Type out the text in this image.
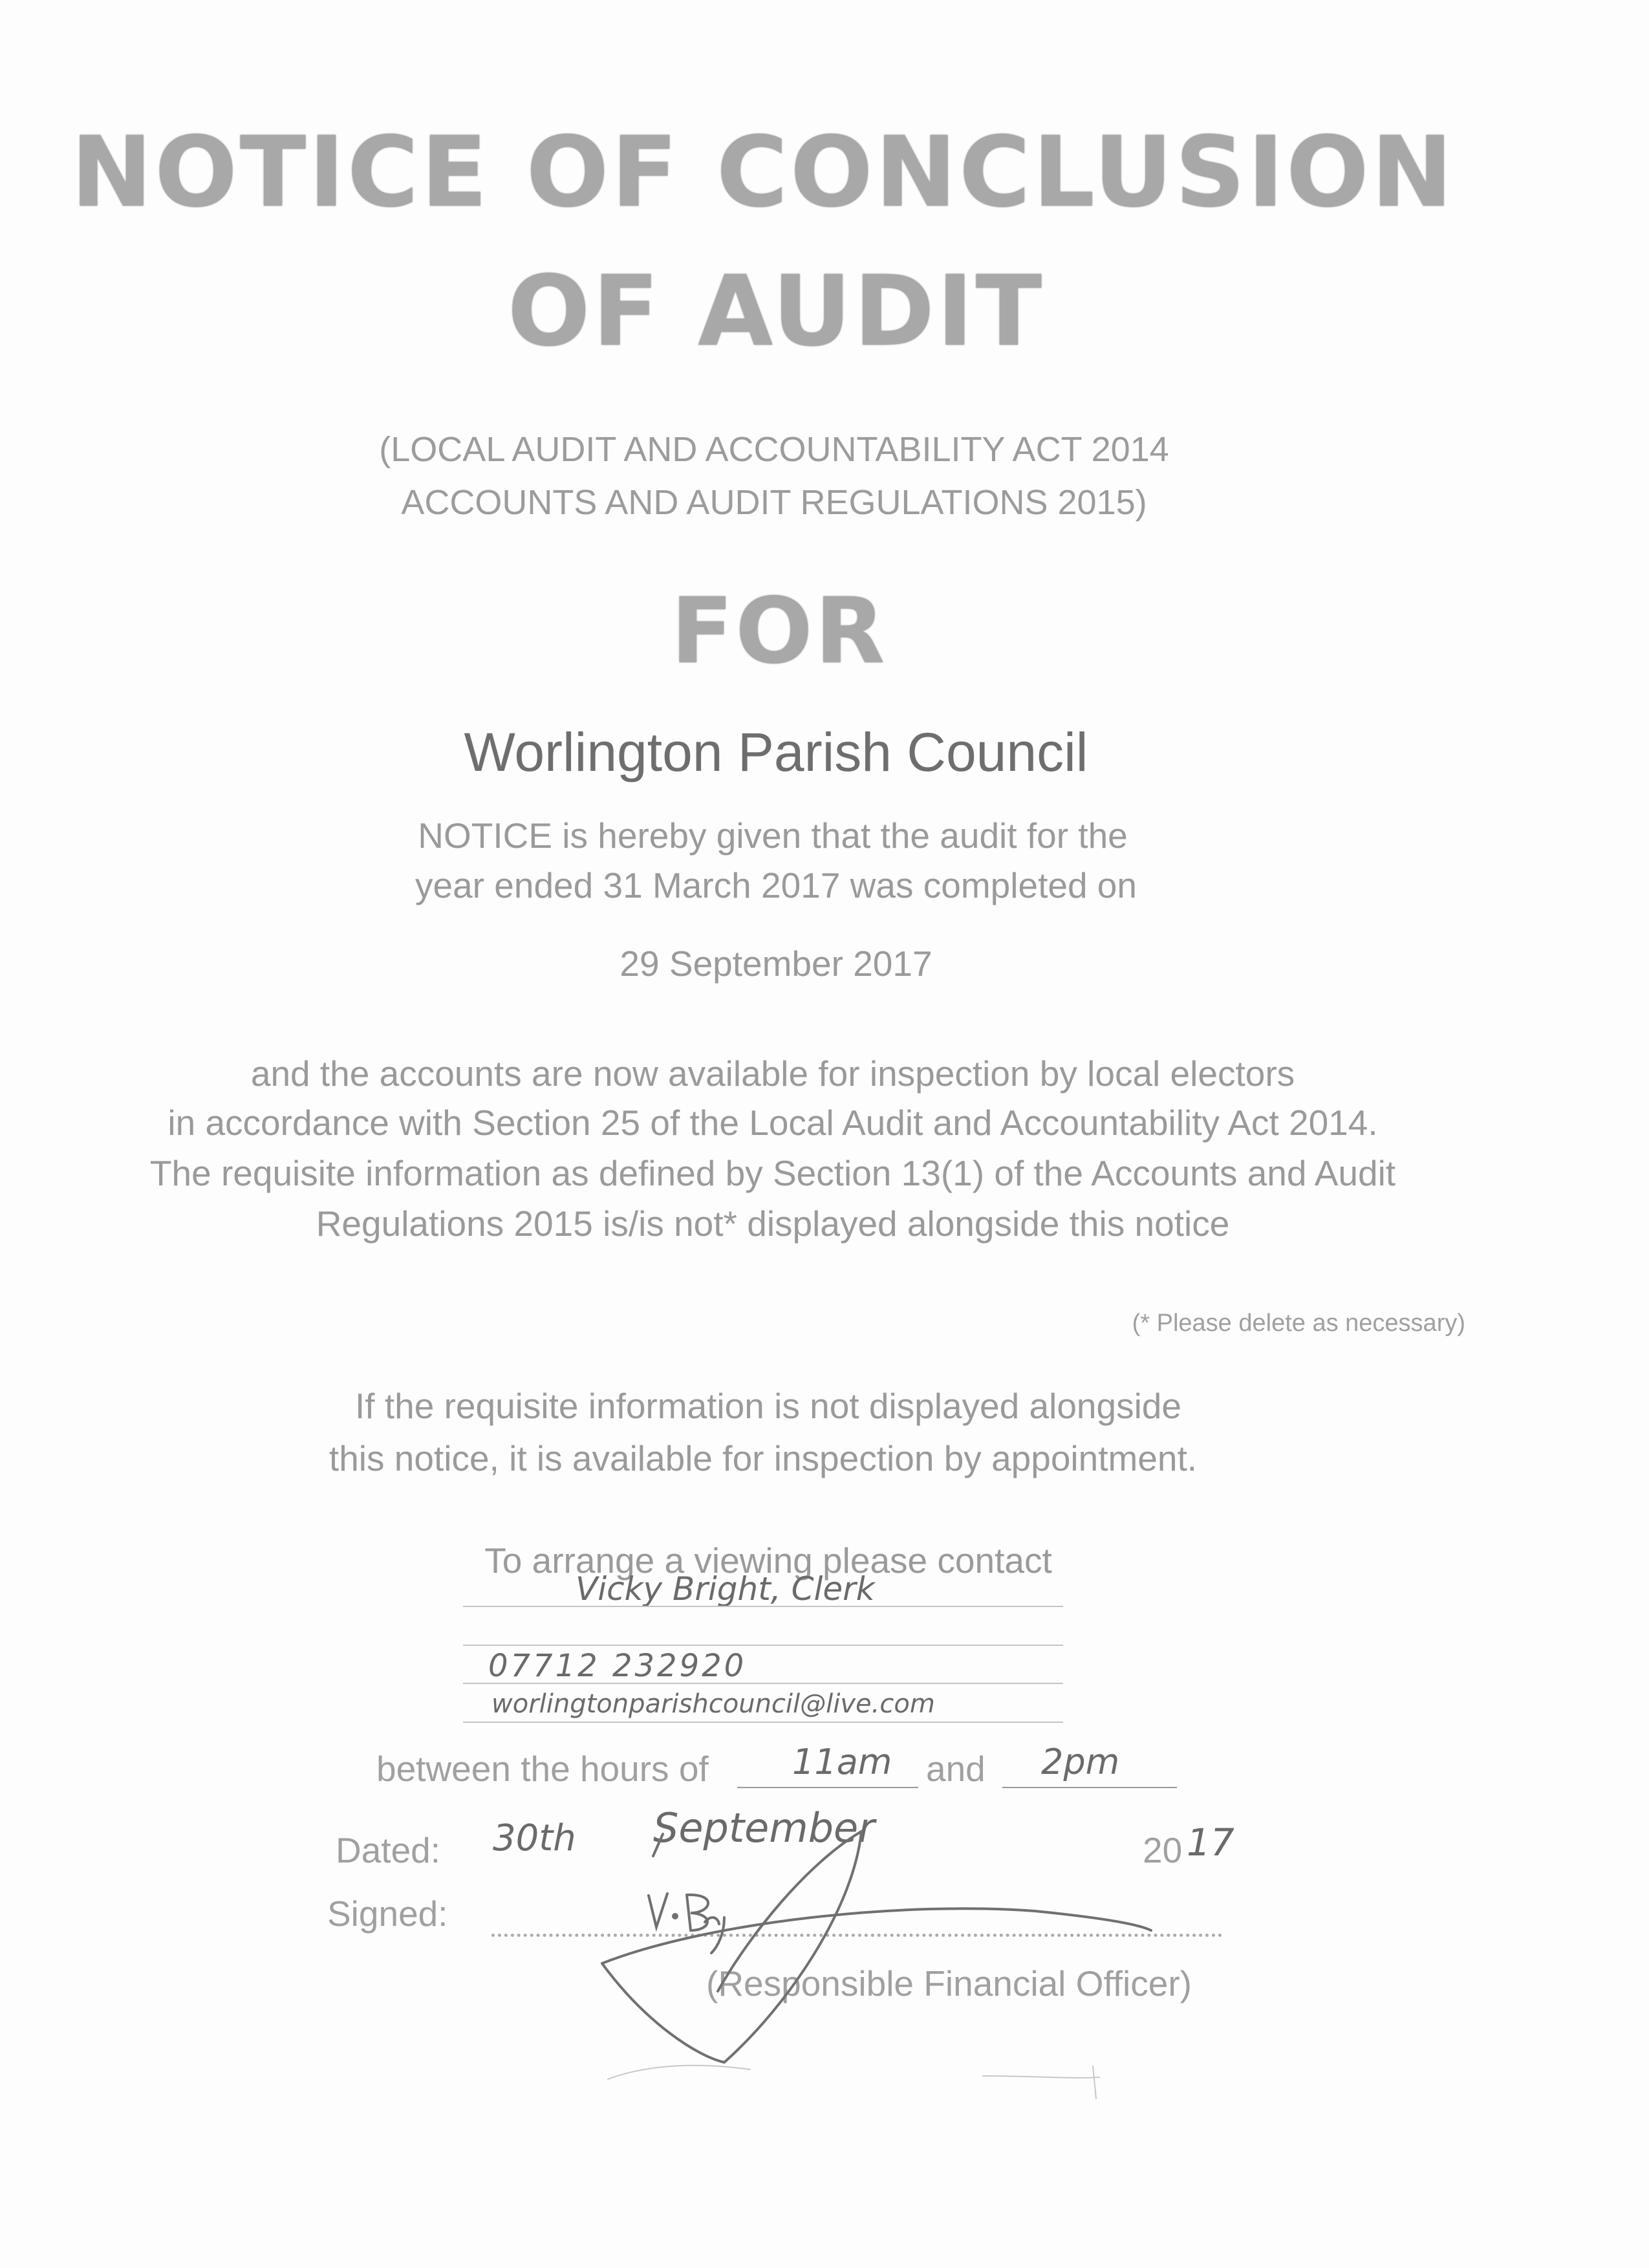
NOTICE OF CONCLUSION
OF AUDIT
(LOCAL AUDIT AND ACCOUNTABILITY ACT 2014
ACCOUNTS AND AUDIT REGULATIONS 2015)
FOR
Worlington Parish Council
NOTICE is hereby given that the audit for the
year ended 31 March 2017 was completed on
29 September 2017
and the accounts are now available for inspection by local electors
in accordance with Section 25 of the Local Audit and Accountability Act 2014.
The requisite information as defined by Section 13(1) of the Accounts and Audit
Regulations 2015 is/is not* displayed alongside this notice
(* Please delete as necessary)
If the requisite information is not displayed alongside
this notice, it is available for inspection by appointment.
To arrange a viewing please contact
Vicky Bright, Clerk
07712 232920
worlingtonparishcouncil@live.com
between the hours of 11am and 2pm
Dated: 30th September	20 17
Signed:
(Responsible Financial Officer)
